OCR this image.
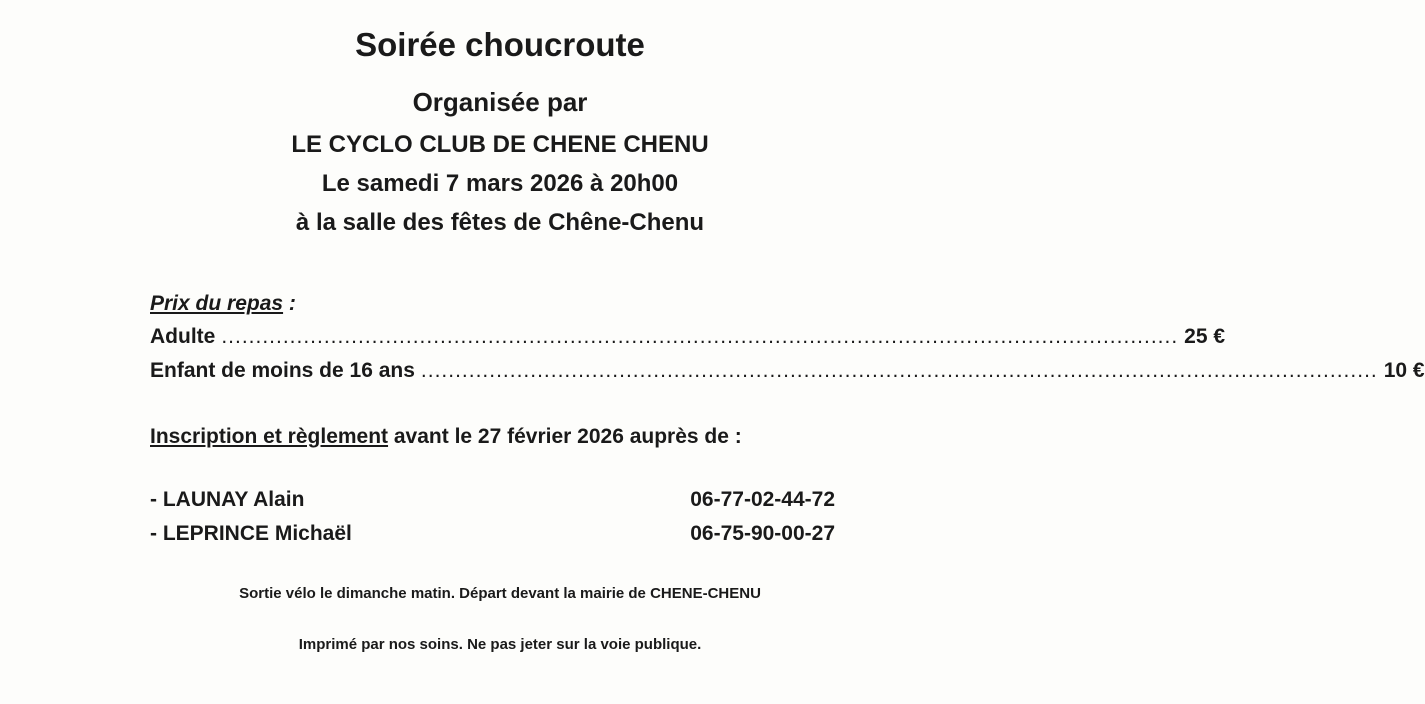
Soirée choucroute
Organisée par
LE CYCLO CLUB DE CHENE CHENU
Le samedi 7 mars 2026 à 20h00
à la salle des fêtes de Chêne-Chenu
Prix du repas :
Adulte ............................................................................................................................................ 25 €
Enfant de moins de 16 ans ............................................................................................................................................ 10 €
Inscription et règlement avant le 27 février 2026 auprès de :
- LAUNAY Alain	06-77-02-44-72
- LEPRINCE Michaël	06-75-90-00-27
Sortie vélo le dimanche matin. Départ devant la mairie de CHENE-CHENU
Imprimé par nos soins. Ne pas jeter sur la voie publique.
